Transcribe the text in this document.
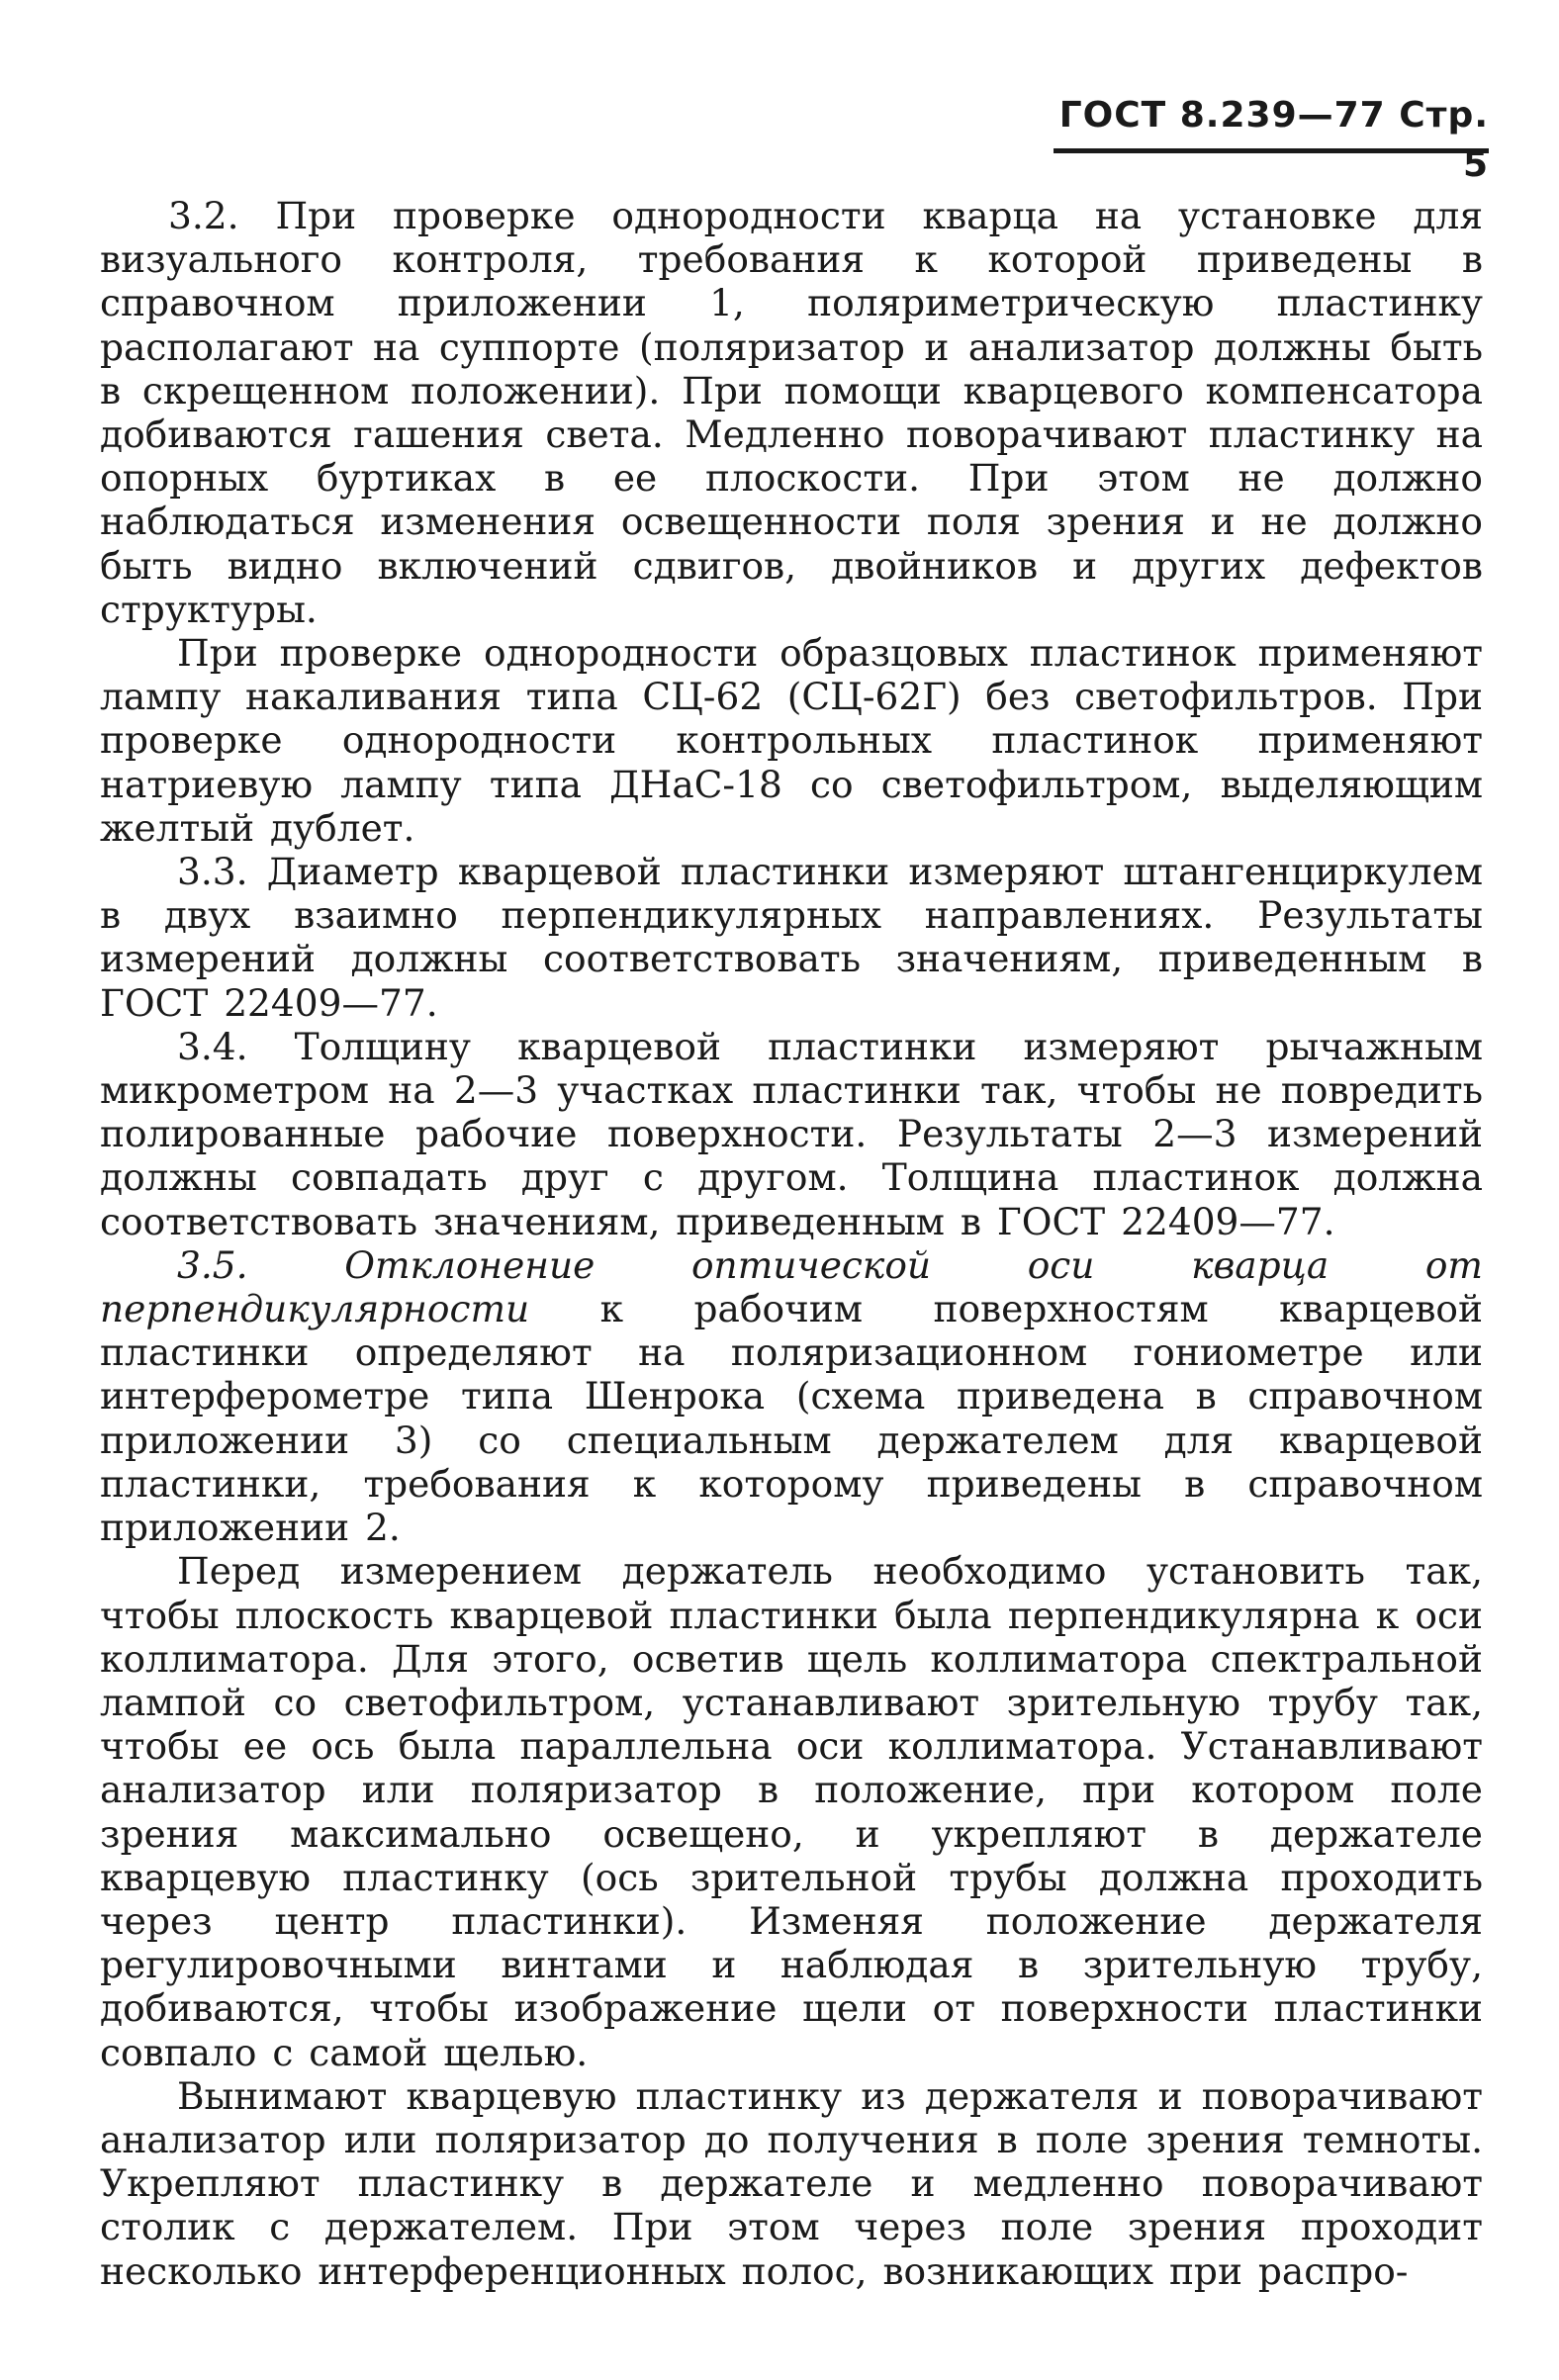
ГОСТ 8.239—77 Стр. 5

3.2. При проверке однородности кварца на установке для визуального контроля, требования к которой приведены в справочном приложении 1, поляриметрическую пластинку располагают на суппорте (поляризатор и анализатор должны быть в скрещенном положении). При помощи кварцевого компенсатора добиваются гашения света. Медленно поворачивают пластинку на опорных буртиках в ее плоскости. При этом не должно наблюдаться изменения освещенности поля зрения и не должно быть видно включений сдвигов, двойников и других дефектов структуры.

При проверке однородности образцовых пластинок применяют лампу накаливания типа СЦ-62 (СЦ-62Г) без светофильтров. При проверке однородности контрольных пластинок применяют натриевую лампу типа ДНаС-18 со светофильтром, выделяющим желтый дублет.

3.3. Диаметр кварцевой пластинки измеряют штангенциркулем в двух взаимно перпендикулярных направлениях. Результаты измерений должны соответствовать значениям, приведенным в ГОСТ 22409—77.

3.4. Толщину кварцевой пластинки измеряют рычажным микрометром на 2—3 участках пластинки так, чтобы не повредить полированные рабочие поверхности. Результаты 2—3 измерений должны совпадать друг с другом. Толщина пластинок должна соответствовать значениям, приведенным в ГОСТ 22409—77.

3.5. Отклонение оптической оси кварца от перпендикулярности к рабочим поверхностям кварцевой пластинки определяют на поляризационном гониометре или интерферометре типа Шенрока (схема приведена в справочном приложении 3) со специальным держателем для кварцевой пластинки, требования к которому приведены в справочном приложении 2.

Перед измерением держатель необходимо установить так, чтобы плоскость кварцевой пластинки была перпендикулярна к оси коллиматора. Для этого, осветив щель коллиматора спектральной лампой со светофильтром, устанавливают зрительную трубу так, чтобы ее ось была параллельна оси коллиматора. Устанавливают анализатор или поляризатор в положение, при котором поле зрения максимально освещено, и укрепляют в держателе кварцевую пластинку (ось зрительной трубы должна проходить через центр пластинки). Изменяя положение держателя регулировочными винтами и наблюдая в зрительную трубу, добиваются, чтобы изображение щели от поверхности пластинки совпало с самой щелью.

Вынимают кварцевую пластинку из держателя и поворачивают анализатор или поляризатор до получения в поле зрения темноты. Укрепляют пластинку в держателе и медленно поворачивают столик с держателем. При этом через поле зрения проходит несколько интерференционных полос, возникающих при распро-
